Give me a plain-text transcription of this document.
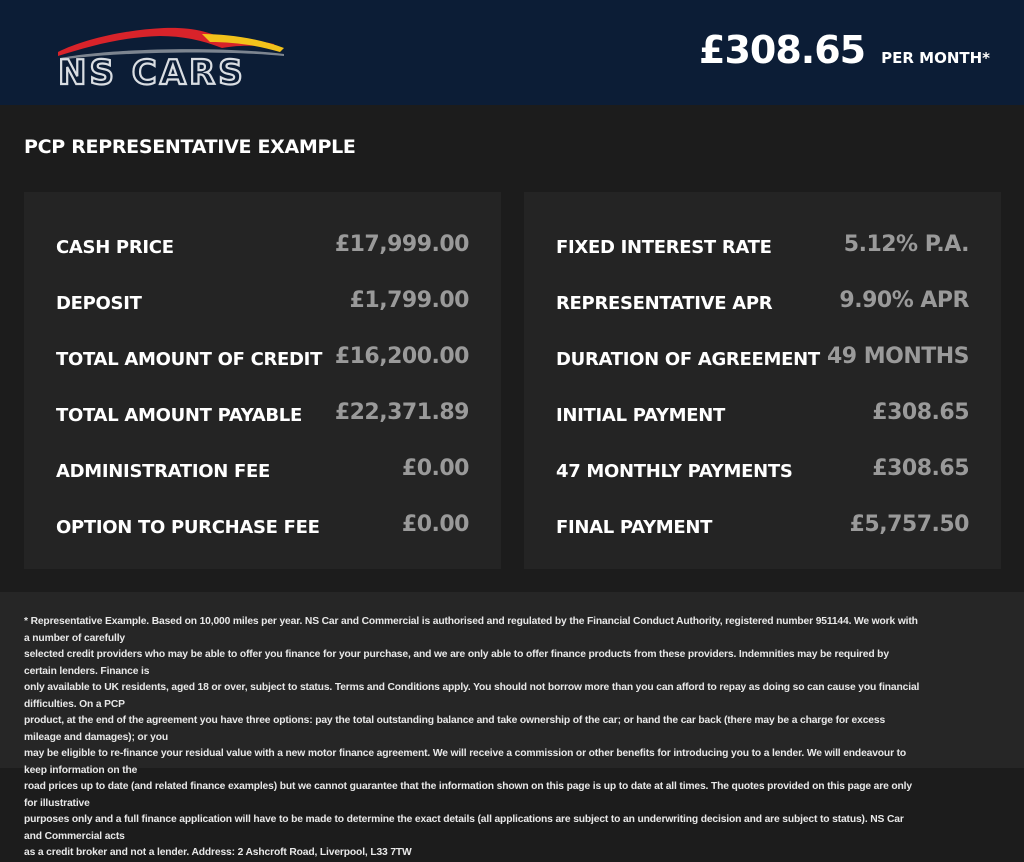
NS CARS
£308.65 PER MONTH*
PCP REPRESENTATIVE EXAMPLE
CASH PRICE	£17,999.00
DEPOSIT	£1,799.00
TOTAL AMOUNT OF CREDIT £16,200.00
TOTAL AMOUNT PAYABLE £22,371.89
ADMINISTRATION FEE	£0.00
OPTION TO PURCHASE FEE	£0.00
FIXED INTEREST RATE	5.12% P.A.
REPRESENTATIVE APR	9.90% APR
DURATION OF AGREEMENT 49 MONTHS
INITIAL PAYMENT	£308.65
47 MONTHLY PAYMENTS	£308.65
FINAL PAYMENT	£5,757.50
* Representative Example. Based on 10,000 miles per year. NS Car and Commercial is authorised and regulated by the Financial Conduct Authority, registered number 951144. We work with a number of carefully
selected credit providers who may be able to offer you finance for your purchase, and we are only able to offer finance products from these providers. Indemnities may be required by certain lenders. Finance is
only available to UK residents, aged 18 or over, subject to status. Terms and Conditions apply. You should not borrow more than you can afford to repay as doing so can cause you financial difficulties. On a PCP
product, at the end of the agreement you have three options: pay the total outstanding balance and take ownership of the car; or hand the car back (there may be a charge for excess mileage and damages); or you
may be eligible to re-finance your residual value with a new motor finance agreement. We will receive a commission or other benefits for introducing you to a lender. We will endeavour to keep information on the
road prices up to date (and related finance examples) but we cannot guarantee that the information shown on this page is up to date at all times. The quotes provided on this page are only for illustrative
purposes only and a full finance application will have to be made to determine the exact details (all applications are subject to an underwriting decision and are subject to status). NS Car and Commercial acts
as a credit broker and not a lender. Address: 2 Ashcroft Road, Liverpool, L33 7TW
